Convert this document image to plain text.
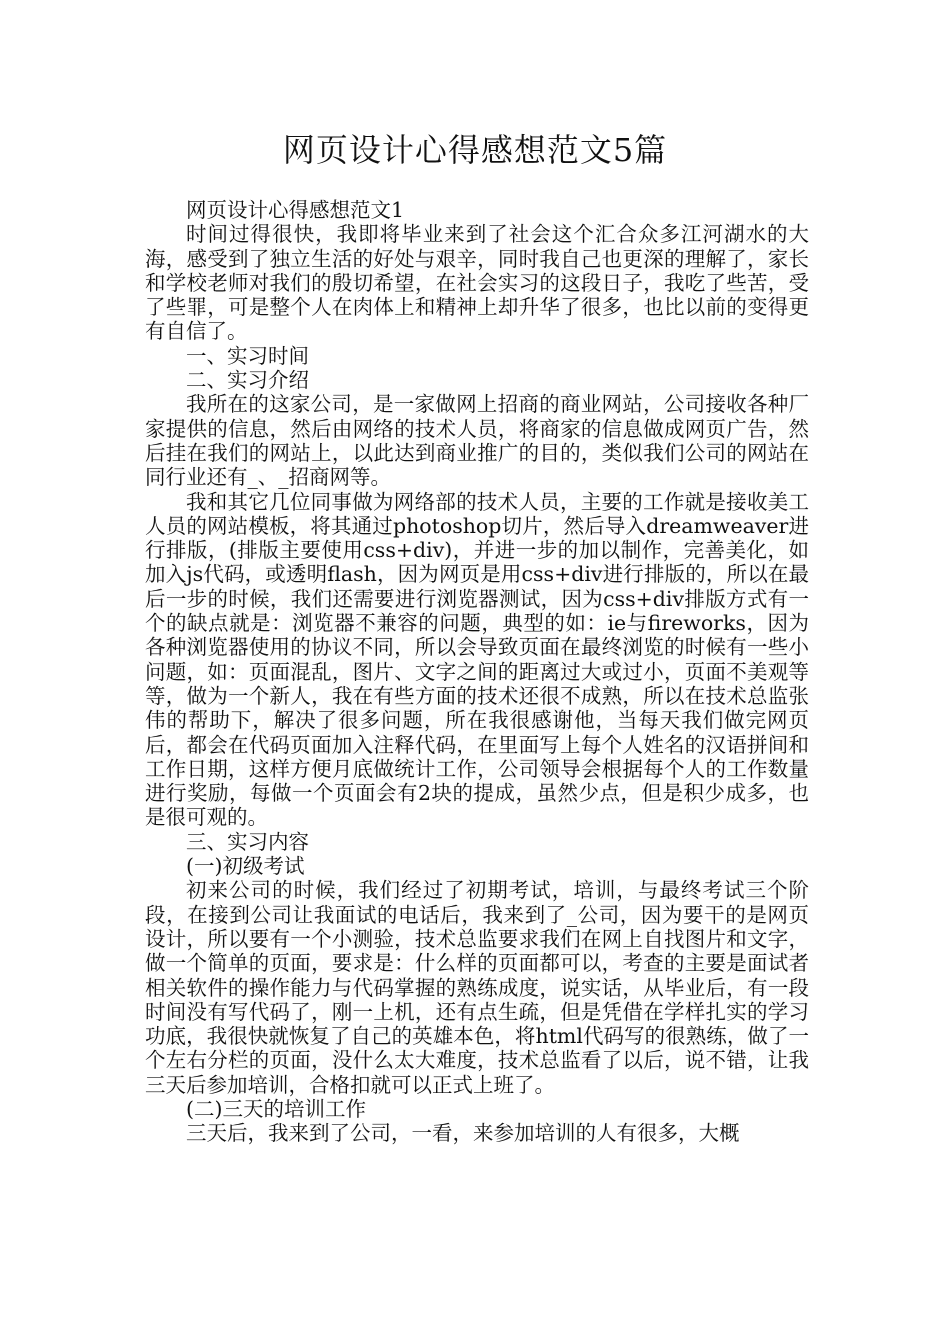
网页设计心得感想范文5篇

网页设计心得感想范文1

时间过得很快，我即将毕业来到了社会这个汇合众多江河湖水的大海，感受到了独立生活的好处与艰辛，同时我自己也更深的理解了，家长和学校老师对我们的殷切希望，在社会实习的这段日子，我吃了些苦，受了些罪，可是整个人在肉体上和精神上却升华了很多，也比以前的变得更有自信了。

一、实习时间

二、实习介绍

我所在的这家公司，是一家做网上招商的商业网站，公司接收各种厂家提供的信息，然后由网络的技术人员，将商家的信息做成网页广告，然后挂在我们的网站上，以此达到商业推广的目的，类似我们公司的网站在同行业还有_、_招商网等。

我和其它几位同事做为网络部的技术人员，主要的工作就是接收美工人员的网站模板，将其通过photoshop切片，然后导入dreamweaver进行排版，(排版主要使用css+div)，并进一步的加以制作，完善美化，如加入js代码，或透明flash，因为网页是用css+div进行排版的，所以在最后一步的时候，我们还需要进行浏览器测试，因为css+div排版方式有一个的缺点就是：浏览器不兼容的问题，典型的如：ie与fireworks，因为各种浏览器使用的协议不同，所以会导致页面在最终浏览的时候有一些小问题，如：页面混乱，图片、文字之间的距离过大或过小，页面不美观等等，做为一个新人，我在有些方面的技术还很不成熟，所以在技术总监张伟的帮助下，解决了很多问题，所在我很感谢他，当每天我们做完网页后，都会在代码页面加入注释代码，在里面写上每个人姓名的汉语拼间和工作日期，这样方便月底做统计工作，公司领导会根据每个人的工作数量进行奖励，每做一个页面会有2块的提成，虽然少点，但是积少成多，也是很可观的。

三、实习内容

(一)初级考试

初来公司的时候，我们经过了初期考试，培训，与最终考试三个阶段，在接到公司让我面试的电话后，我来到了_公司，因为要干的是网页设计，所以要有一个小测验，技术总监要求我们在网上自找图片和文字，做一个简单的页面，要求是：什么样的页面都可以，考查的主要是面试者相关软件的操作能力与代码掌握的熟练成度，说实话，从毕业后，有一段时间没有写代码了，刚一上机，还有点生疏，但是凭借在学样扎实的学习功底，我很快就恢复了自己的英雄本色，将html代码写的很熟练，做了一个左右分栏的页面，没什么太大难度，技术总监看了以后，说不错，让我三天后参加培训，合格扣就可以正式上班了。

(二)三天的培训工作

三天后，我来到了公司，一看，来参加培训的人有很多，大概
